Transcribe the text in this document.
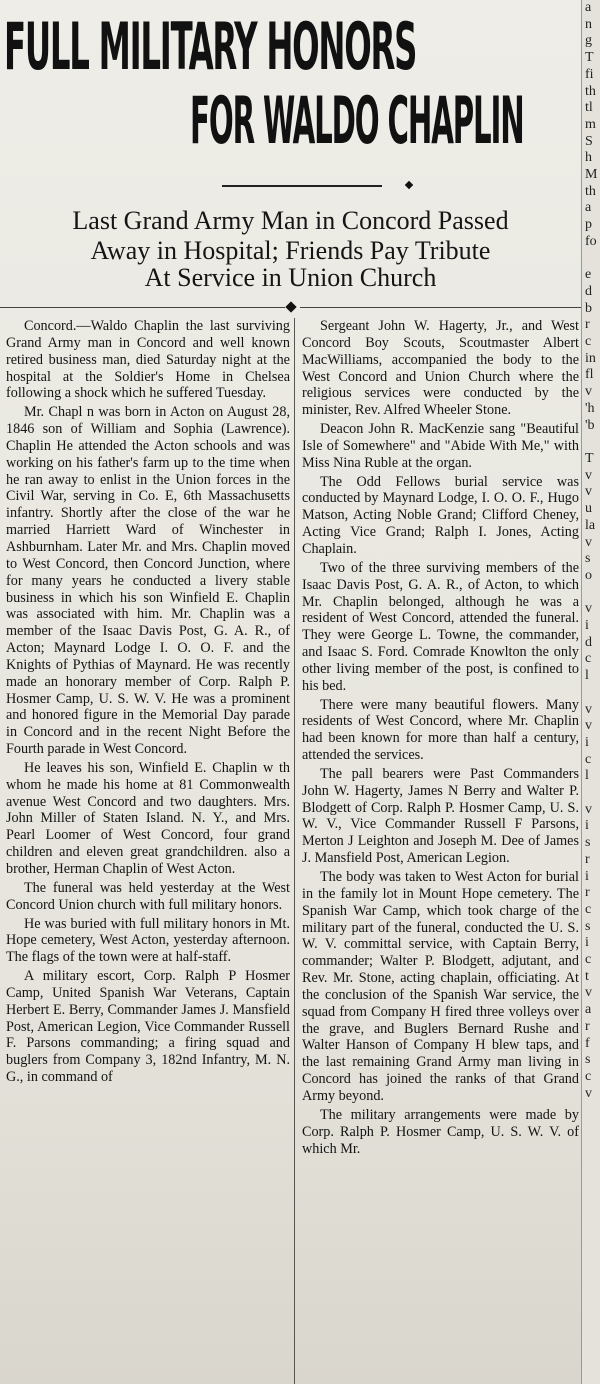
FULL MILITARY HONORS
FOR WALDO CHAPLIN
Last Grand Army Man in Concord Passed
Away in Hospital; Friends Pay Tribute
At Service in Union Church

Concord.—Waldo Chaplin the last surviving Grand Army man in Concord and well known retired business man, died Saturday night at the hospital at the Soldier's Home in Chelsea following a shock which he suffered Tuesday.

Mr. Chapl n was born in Acton on August 28, 1846 son of William and Sophia (Lawrence). Chaplin He attended the Acton schools and was working on his father's farm up to the time when he ran away to enlist in the Union forces in the Civil War, serving in Co. E, 6th Massachusetts infantry. Shortly after the close of the war he married Harriett Ward of Winchester in Ashburnham. Later Mr. and Mrs. Chaplin moved to West Concord, then Concord Junction, where for many years he conducted a livery stable business in which his son Winfield E. Chaplin was associated with him. Mr. Chaplin was a member of the Isaac Davis Post, G. A. R., of Acton; Maynard Lodge I. O. O. F. and the Knights of Pythias of Maynard. He was recently made an honorary member of Corp. Ralph P. Hosmer Camp, U. S. W. V. He was a prominent and honored figure in the Memorial Day parade in Concord and in the recent Night Before the Fourth parade in West Concord.

He leaves his son, Winfield E. Chaplin w th whom he made his home at 81 Commonwealth avenue West Concord and two daughters. Mrs. John Miller of Staten Island. N. Y., and Mrs. Pearl Loomer of West Concord, four grand children and eleven great grandchildren. also a brother, Herman Chaplin of West Acton.

The funeral was held yesterday at the West Concord Union church with full military honors.

He was buried with full military honors in Mt. Hope cemetery, West Acton, yesterday afternoon. The flags of the town were at half-staff.

A military escort, Corp. Ralph P Hosmer Camp, United Spanish War Veterans, Captain Herbert E. Berry, Commander James J. Mansfield Post, American Legion, Vice Commander Russell F. Parsons commanding; a firing squad and buglers from Company 3, 182nd Infantry, M. N. G., in command of

Sergeant John W. Hagerty, Jr., and West Concord Boy Scouts, Scoutmaster Albert MacWilliams, accompanied the body to the West Concord and Union Church where the religious services were conducted by the minister, Rev. Alfred Wheeler Stone.

Deacon John R. MacKenzie sang "Beautiful Isle of Somewhere" and "Abide With Me," with Miss Nina Ruble at the organ.

The Odd Fellows burial service was conducted by Maynard Lodge, I. O. O. F., Hugo Matson, Acting Noble Grand; Clifford Cheney, Acting Vice Grand; Ralph I. Jones, Acting Chaplain.

Two of the three surviving members of the Isaac Davis Post, G. A. R., of Acton, to which Mr. Chaplin belonged, although he was a resident of West Concord, attended the funeral. They were George L. Towne, the commander, and Isaac S. Ford. Comrade Knowlton the only other living member of the post, is confined to his bed.

There were many beautiful flowers. Many residents of West Concord, where Mr. Chaplin had been known for more than half a century, attended the services.

The pall bearers were Past Commanders John W. Hagerty, James N Berry and Walter P. Blodgett of Corp. Ralph P. Hosmer Camp, U. S. W. V., Vice Commander Russell F Parsons, Merton J Leighton and Joseph M. Dee of James J. Mansfield Post, American Legion.

The body was taken to West Acton for burial in the family lot in Mount Hope cemetery. The Spanish War Camp, which took charge of the military part of the funeral, conducted the U. S. W. V. committal service, with Captain Berry, commander; Walter P. Blodgett, adjutant, and Rev. Mr. Stone, acting chaplain, officiating. At the conclusion of the Spanish War service, the squad from Company H fired three volleys over the grave, and Buglers Bernard Rushe and Walter Hanson of Company H blew taps, and the last remaining Grand Army man living in Concord has joined the ranks of that Grand Army beyond.

The military arrangements were made by Corp. Ralph P. Hosmer Camp, U. S. W. V. of which Mr.

a
n
g
T
fi
th
tl
m
S
h
M
th
a
p
fo

e
d
b
r
c
in
fl
v
'h
'b

T
v
v
u
la
v
s
o

v
i
d
c
l

v
v
i
c
l

v
i
s
r
i
r
c
s
i
c
t
v
a
r
f
s
c
v
